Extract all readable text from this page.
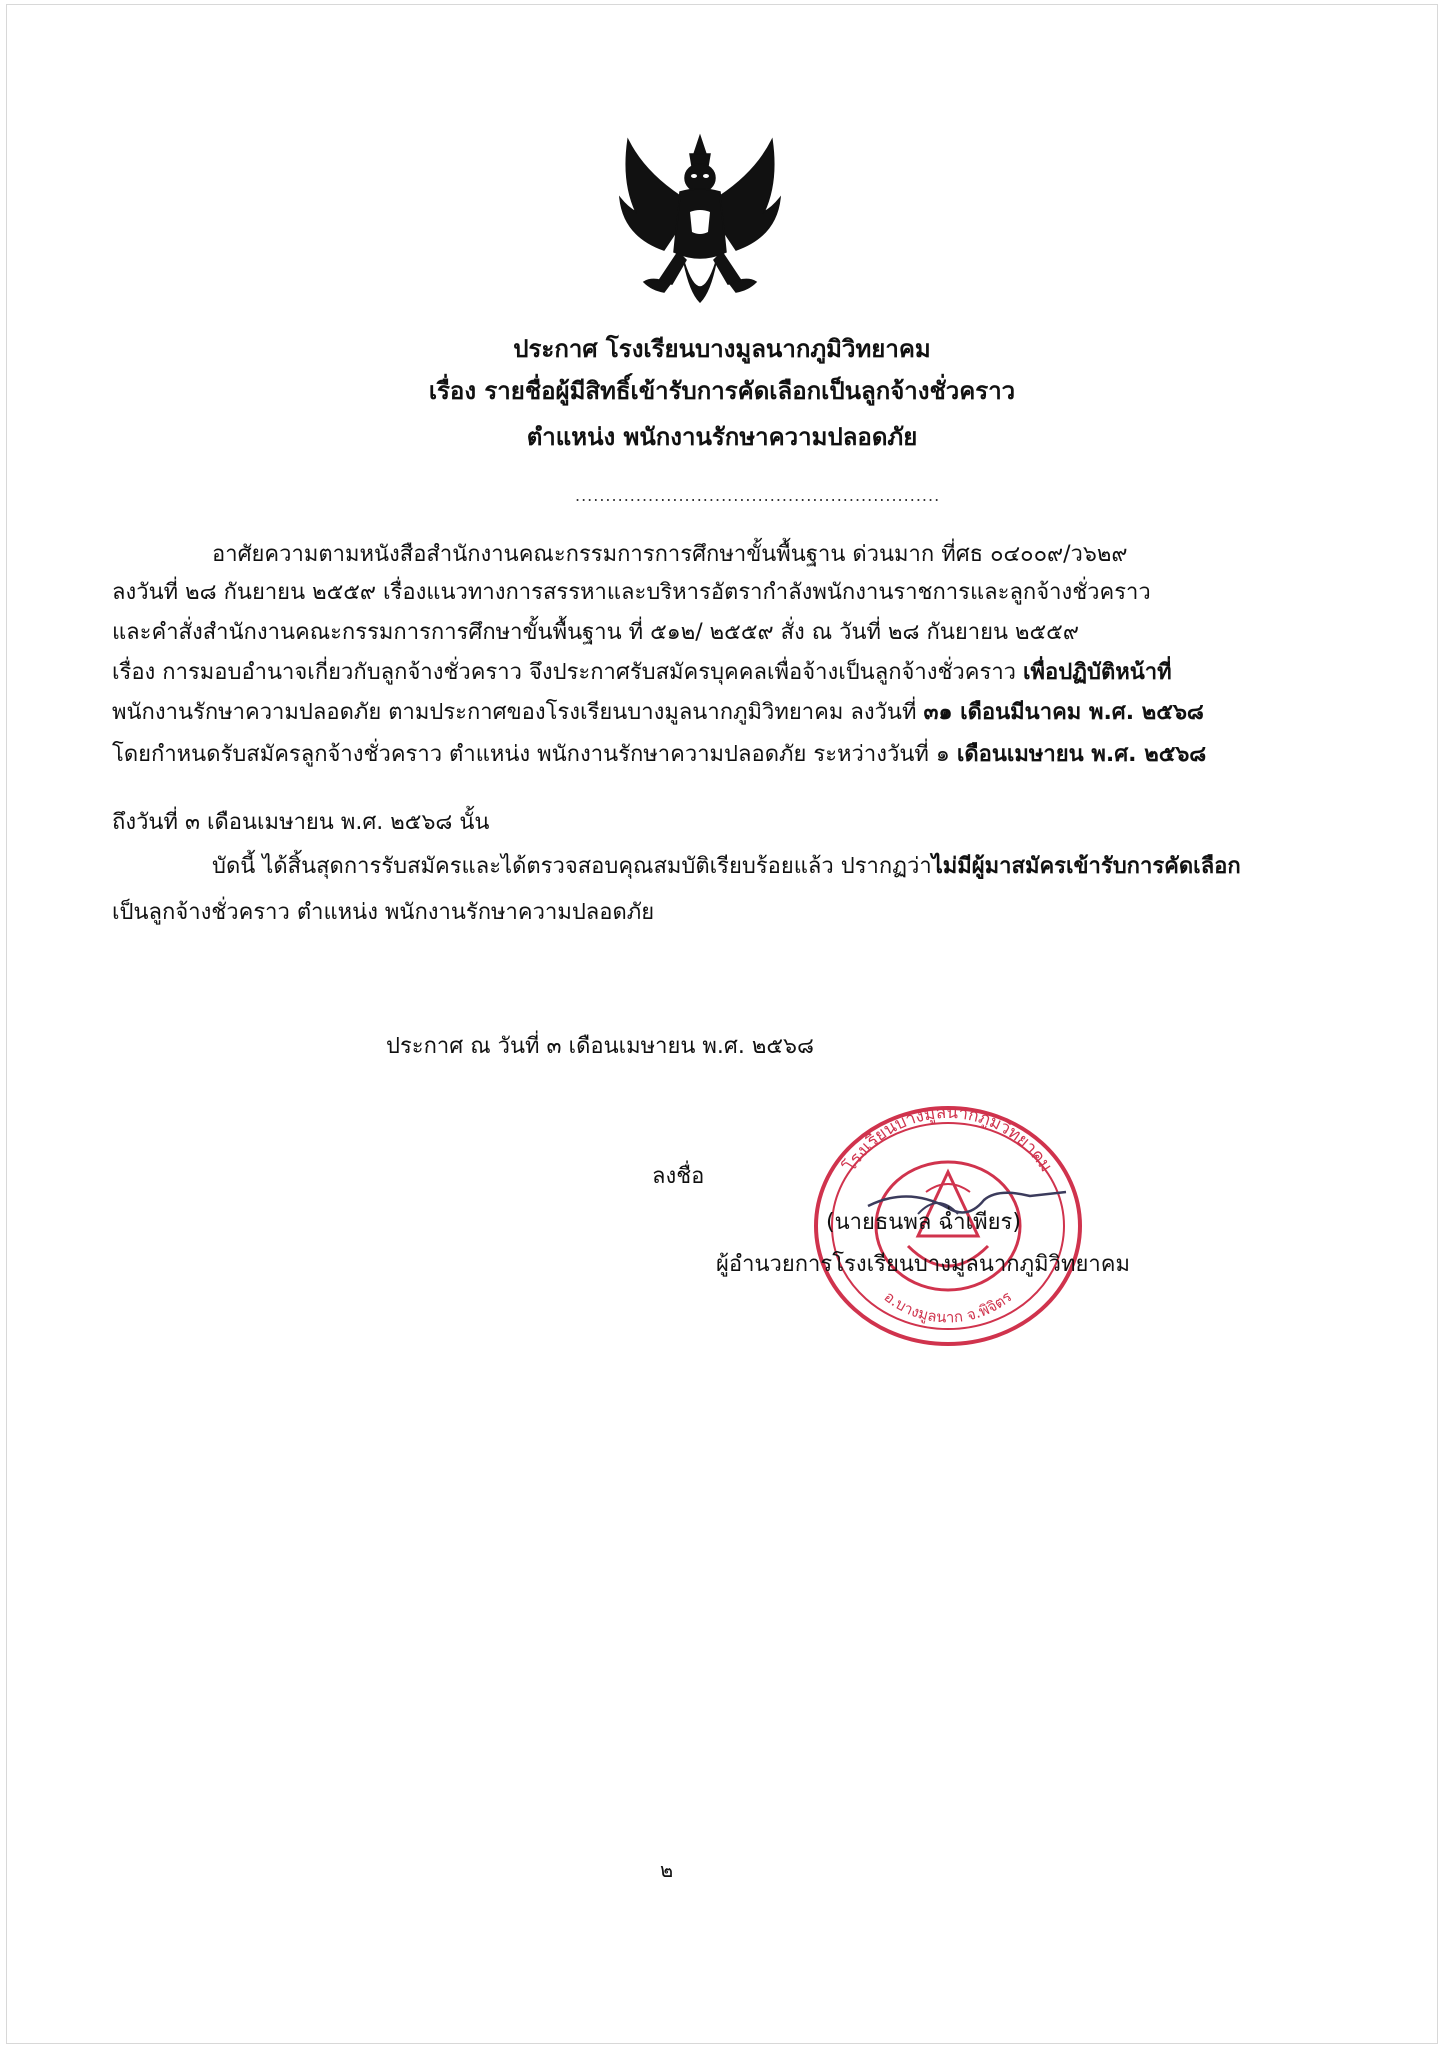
ประกาศ โรงเรียนบางมูลนากภูมิวิทยาคม
เรื่อง รายชื่อผู้มีสิทธิ์เข้ารับการคัดเลือกเป็นลูกจ้างชั่วคราว
ตำแหน่ง พนักงานรักษาความปลอดภัย
............................................................
อาศัยความตามหนังสือสำนักงานคณะกรรมการการศึกษาขั้นพื้นฐาน ด่วนมาก ที่ศธ ๐๔๐๐๙/ว๖๒๙
ลงวันที่ ๒๘ กันยายน ๒๕๕๙ เรื่องแนวทางการสรรหาและบริหารอัตรากำลังพนักงานราชการและลูกจ้างชั่วคราว
และคำสั่งสำนักงานคณะกรรมการการศึกษาขั้นพื้นฐาน ที่ ๕๑๒/ ๒๕๕๙ สั่ง ณ วันที่ ๒๘ กันยายน ๒๕๕๙
เรื่อง การมอบอำนาจเกี่ยวกับลูกจ้างชั่วคราว จึงประกาศรับสมัครบุคคลเพื่อจ้างเป็นลูกจ้างชั่วคราว เพื่อปฏิบัติหน้าที่
พนักงานรักษาความปลอดภัย ตามประกาศของโรงเรียนบางมูลนากภูมิวิทยาคม ลงวันที่ ๓๑ เดือนมีนาคม พ.ศ. ๒๕๖๘
โดยกำหนดรับสมัครลูกจ้างชั่วคราว ตำแหน่ง พนักงานรักษาความปลอดภัย ระหว่างวันที่ ๑ เดือนเมษายน พ.ศ. ๒๕๖๘
ถึงวันที่ ๓ เดือนเมษายน พ.ศ. ๒๕๖๘ นั้น
บัดนี้ ได้สิ้นสุดการรับสมัครและได้ตรวจสอบคุณสมบัติเรียบร้อยแล้ว ปรากฏว่าไม่มีผู้มาสมัครเข้ารับการคัดเลือก
เป็นลูกจ้างชั่วคราว ตำแหน่ง พนักงานรักษาความปลอดภัย
ประกาศ ณ วันที่ ๓ เดือนเมษายน พ.ศ. ๒๕๖๘
โรงเรียนบางมูลนากภูมิวิทยาคม
อ.บางมูลนาก จ.พิจิตร
ลงชื่อ
(นายธนพล ฉ่ำเพียร)
ผู้อำนวยการโรงเรียนบางมูลนากภูมิวิทยาคม
๒
